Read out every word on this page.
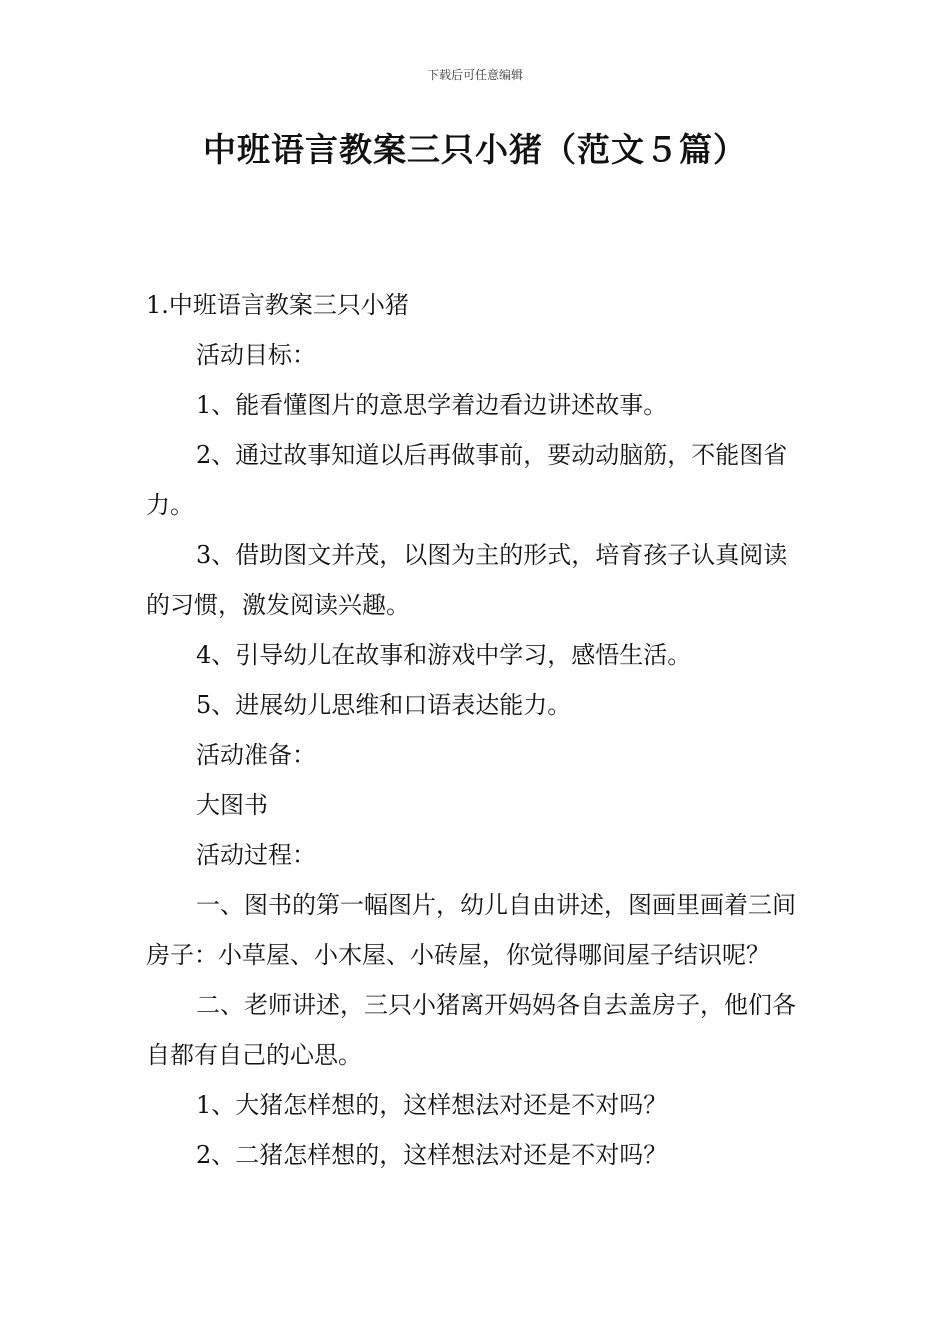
下载后可任意编辑
中班语言教案三只小猪（范文５篇）

1.中班语言教案三只小猪

活动目标：

1、能看懂图片的意思学着边看边讲述故事。

2、通过故事知道以后再做事前，要动动脑筋，不能图省力。

3、借助图文并茂，以图为主的形式，培育孩子认真阅读的习惯，激发阅读兴趣。

4、引导幼儿在故事和游戏中学习，感悟生活。

5、进展幼儿思维和口语表达能力。

活动准备：

大图书

活动过程：

一、图书的第一幅图片，幼儿自由讲述，图画里画着三间房子：小草屋、小木屋、小砖屋，你觉得哪间屋子结识呢？

二、老师讲述，三只小猪离开妈妈各自去盖房子，他们各自都有自己的心思。

1、大猪怎样想的，这样想法对还是不对吗？

2、二猪怎样想的，这样想法对还是不对吗？
